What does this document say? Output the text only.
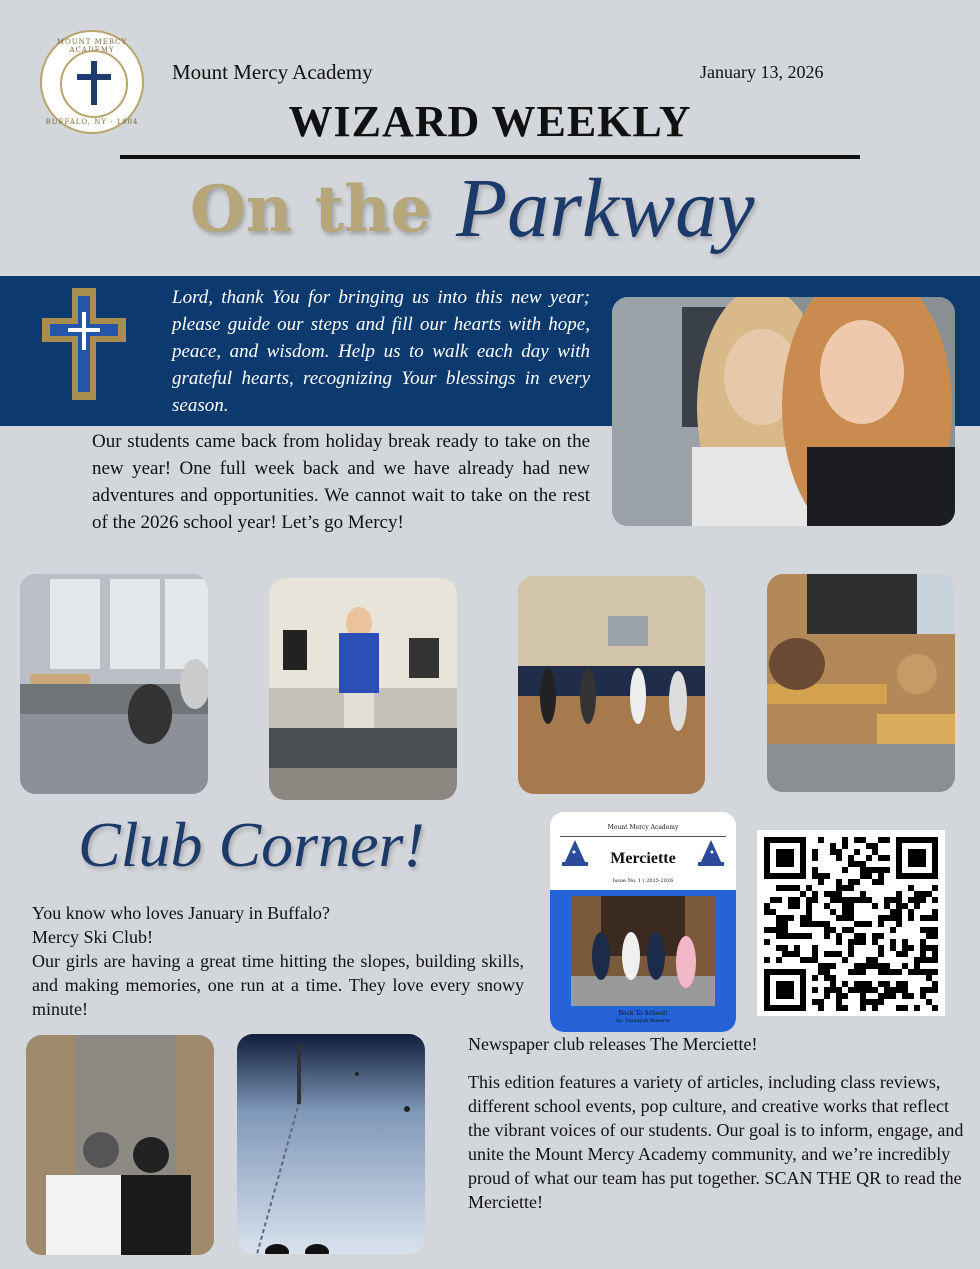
MOUNT MERCY ACADEMY
BUFFALO, NY · 1904
Mount Mercy Academy	January 13, 2026
WIZARD WEEKLY
On the Parkway
Lord, thank You for bringing us into this new year; please guide our steps and fill our hearts with hope, peace, and wisdom. Help us to walk each day with grateful hearts, recognizing Your blessings in every season.
Our students came back from holiday break ready to take on the new year! One full week back and we have already had new adventures and opportunities. We cannot wait to take on the rest of the 2026 school year! Let’s go Mercy!
Club Corner!
You know who loves January in Buffalo?
Mercy Ski Club!
Our girls are having a great time hitting the slopes, building skills, and making memories, one run at a time. They love every snowy minute!
Mount Mercy Academy
Merciette
Issue No. 1 | 2025-2026
Back To School!
by: Ymaayah Roberts
Newspaper club releases The Merciette!
This edition features a variety of articles, including class reviews, different school events, pop culture, and creative works that reflect the vibrant voices of our students. Our goal is to inform, engage, and unite the Mount Mercy Academy community, and we’re incredibly proud of what our team has put together. SCAN THE QR to read the Merciette!
